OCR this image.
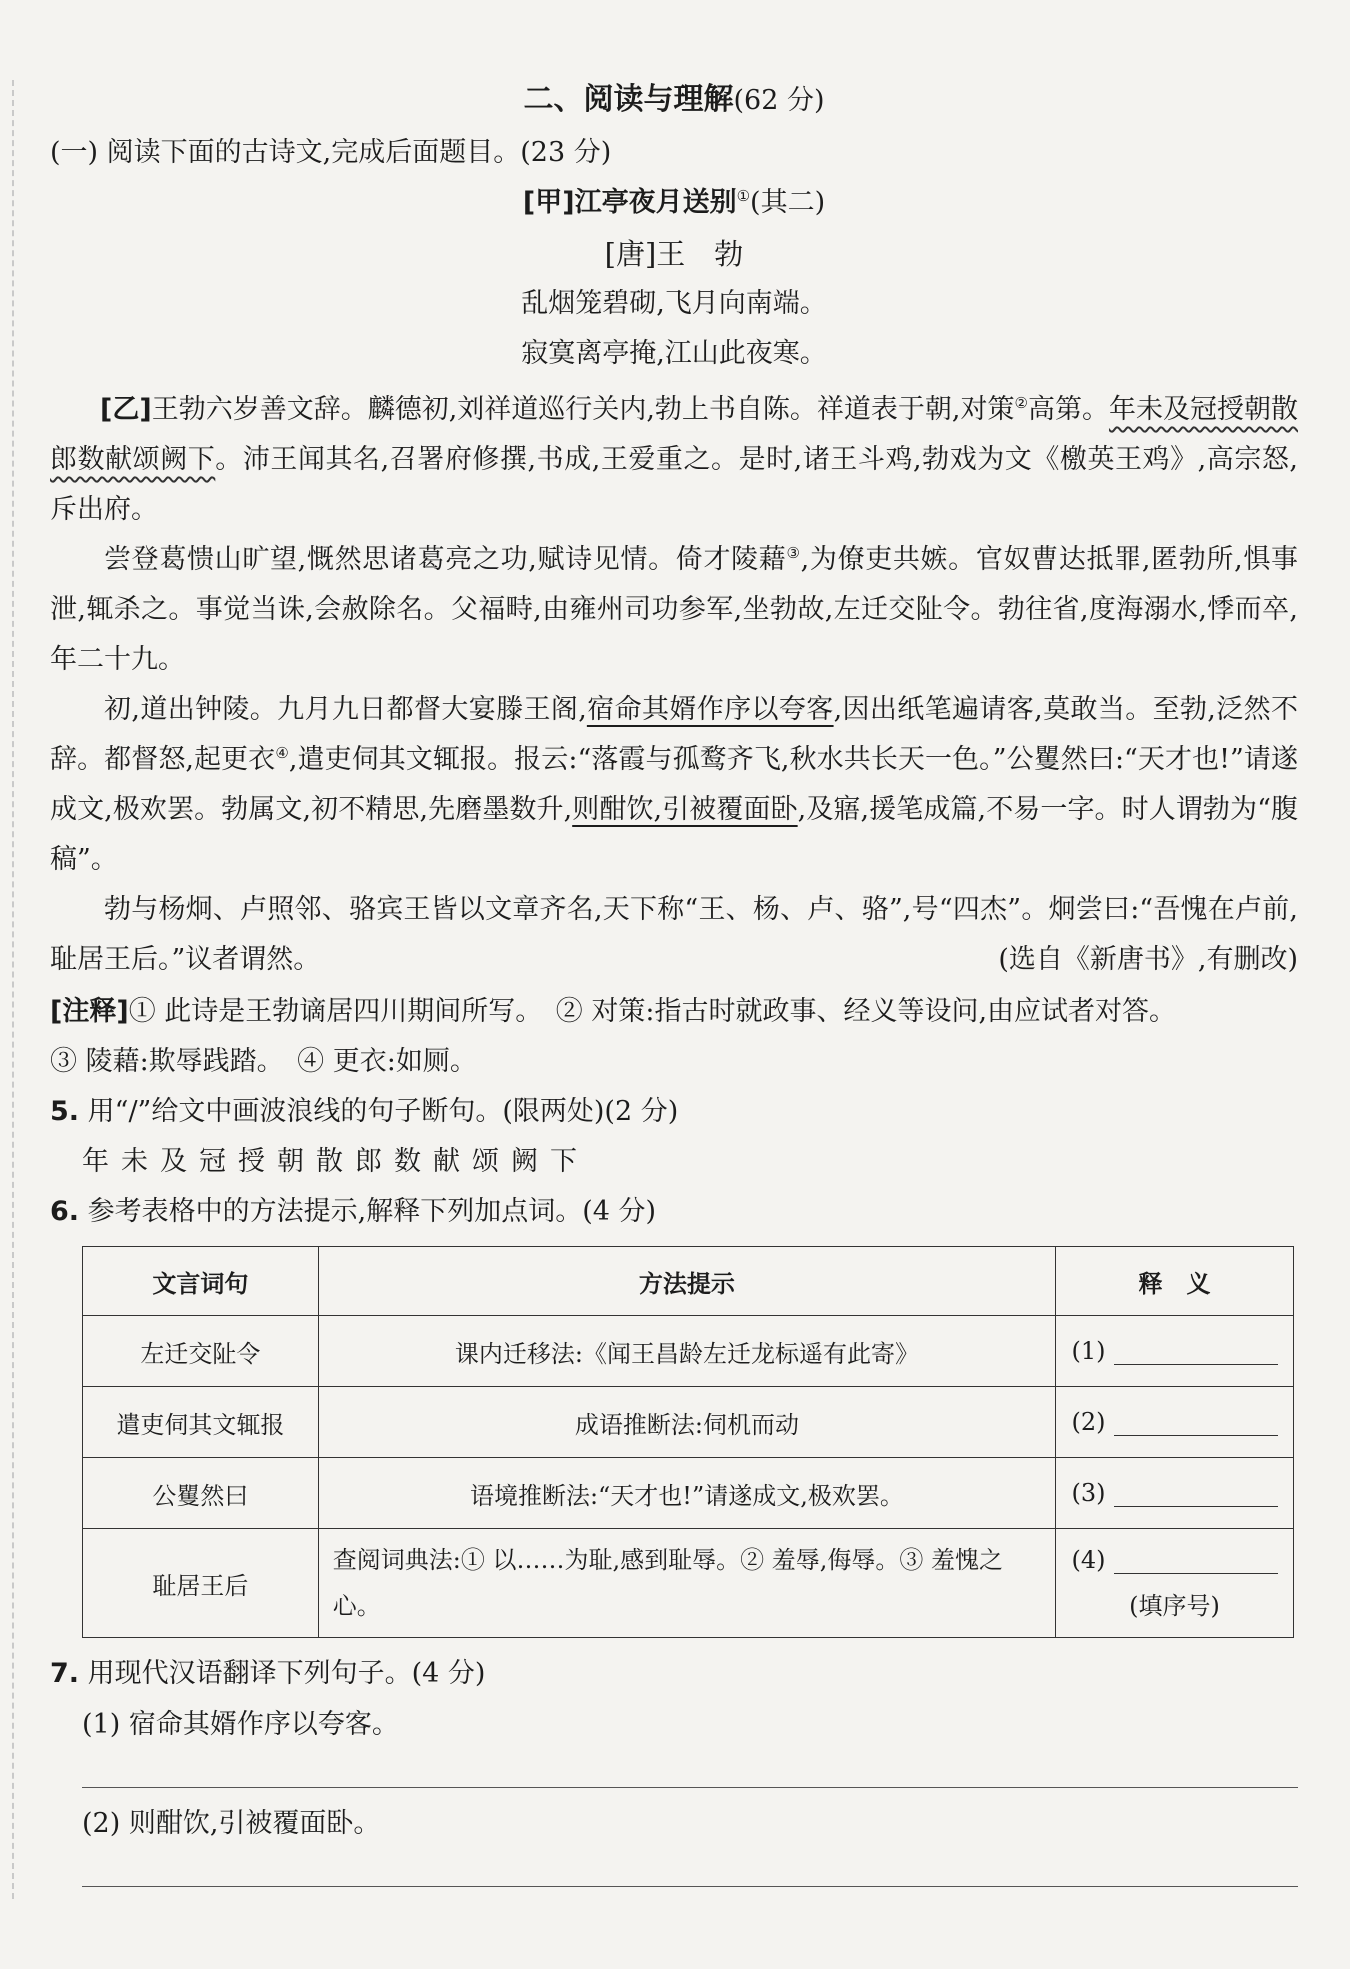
二、阅读与理解(62 分)
(一) 阅读下面的古诗文,完成后面题目。(23 分)
[甲]江亭夜月送别①(其二)
[唐]王　勃
乱烟笼碧砌,飞月向南端。
寂寞离亭掩,江山此夜寒。
[乙]王勃六岁善文辞。麟德初,刘祥道巡行关内,勃上书自陈。祥道表于朝,对策②高第。年未及冠授朝散郎数献颂阙下。沛王闻其名,召署府修撰,书成,王爱重之。是时,诸王斗鸡,勃戏为文《檄英王鸡》,高宗怒,斥出府。
尝登葛愦山旷望,慨然思诸葛亮之功,赋诗见情。倚才陵藉③,为僚吏共嫉。官奴曹达抵罪,匿勃所,惧事泄,辄杀之。事觉当诛,会赦除名。父福畤,由雍州司功参军,坐勃故,左迁交阯令。勃往省,度海溺水,悸而卒,年二十九。
初,道出钟陵。九月九日都督大宴滕王阁,宿命其婿作序以夸客,因出纸笔遍请客,莫敢当。至勃,泛然不辞。都督怒,起更衣④,遣吏伺其文辄报。报云:“落霞与孤鹜齐飞,秋水共长天一色。”公矍然曰:“天才也!”请遂成文,极欢罢。勃属文,初不精思,先磨墨数升,则酣饮,引被覆面卧,及寤,援笔成篇,不易一字。时人谓勃为“腹稿”。
勃与杨炯、卢照邻、骆宾王皆以文章齐名,天下称“王、杨、卢、骆”,号“四杰”。炯尝曰:“吾愧在卢前,耻居王后。”议者谓然。	(选自《新唐书》,有删改)
[注释]① 此诗是王勃谪居四川期间所写。　② 对策:指古时就政事、经义等设问,由应试者对答。
③ 陵藉:欺辱践踏。　④ 更衣:如厕。
5. 用“/”给文中画波浪线的句子断句。(限两处)(2 分)
年未及冠授朝散郎数献颂阙下
6. 参考表格中的方法提示,解释下列加点词。(4 分)
文言词句	方法提示	释　义
左迁交阯令	课内迁移法:《闻王昌龄左迁龙标遥有此寄》	(1)
遣吏伺其文辄报	成语推断法:伺机而动	(2)
公矍然曰	语境推断法:“天才也!”请遂成文,极欢罢。	(3)
耻居王后	查阅词典法:① 以……为耻,感到耻辱。② 羞辱,侮辱。③ 羞愧之心。	(4)
(填序号)
7. 用现代汉语翻译下列句子。(4 分)
(1) 宿命其婿作序以夸客。
(2) 则酣饮,引被覆面卧。
